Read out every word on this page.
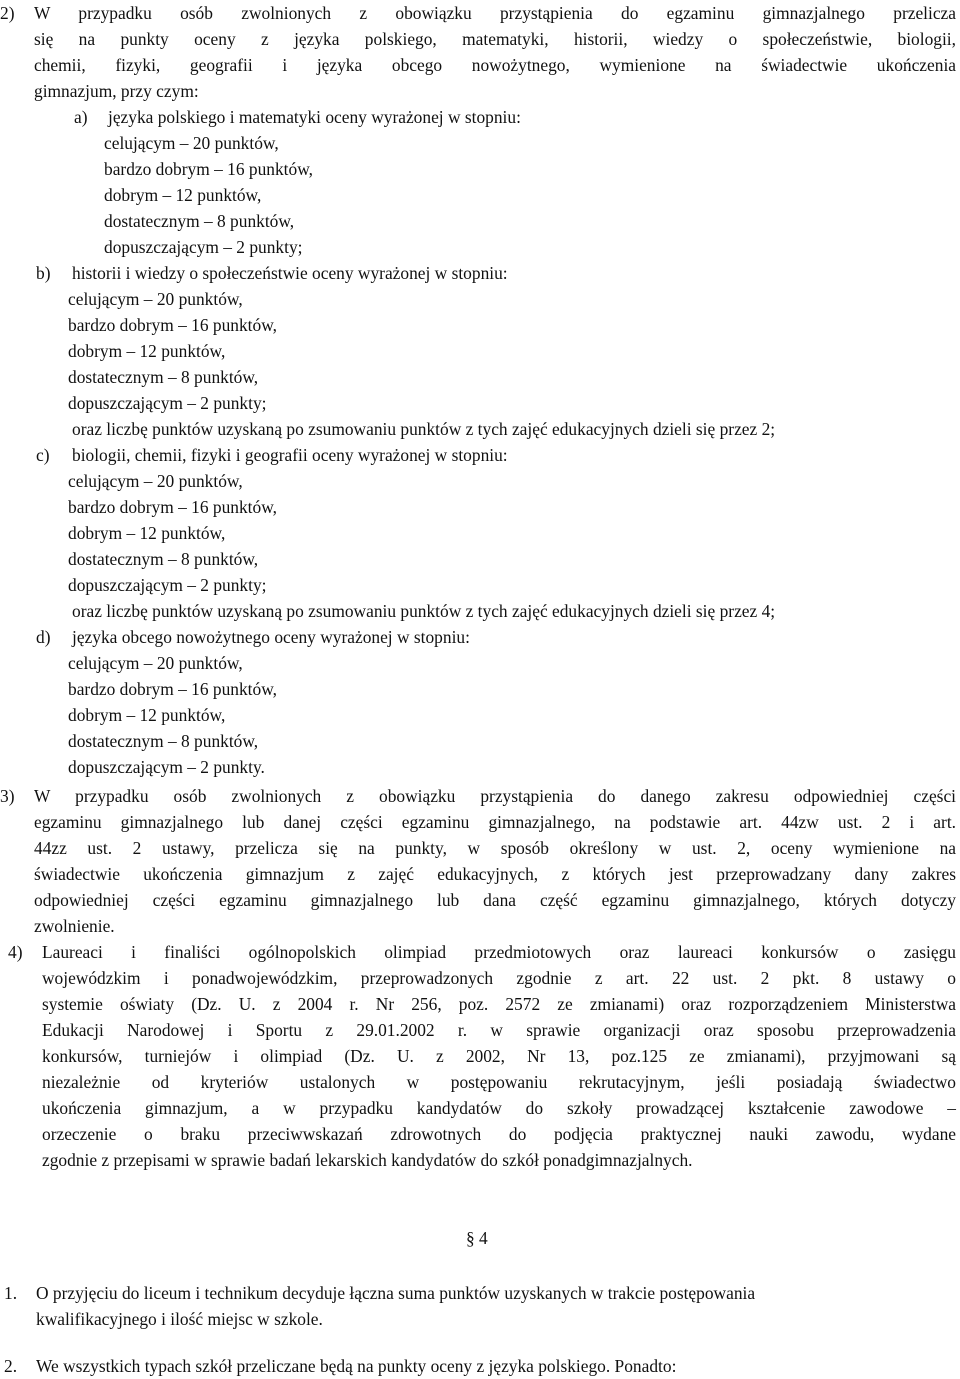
2) W przypadku osób zwolnionych z obowiązku przystąpienia do egzaminu gimnazjalnego przelicza
się na punkty oceny z języka polskiego, matematyki, historii, wiedzy o społeczeństwie, biologii,
chemii, fizyki, geografii i języka obcego nowożytnego, wymienione na świadectwie ukończenia
gimnazjum, przy czym:
a) języka polskiego i matematyki oceny wyrażonej w stopniu:
celującym – 20 punktów,
bardzo dobrym – 16 punktów,
dobrym – 12 punktów,
dostatecznym – 8 punktów,
dopuszczającym – 2 punkty;
b) historii i wiedzy o społeczeństwie oceny wyrażonej w stopniu:
celującym – 20 punktów,
bardzo dobrym – 16 punktów,
dobrym – 12 punktów,
dostatecznym – 8 punktów,
dopuszczającym – 2 punkty;
oraz liczbę punktów uzyskaną po zsumowaniu punktów z tych zajęć edukacyjnych dzieli się przez 2;
c) biologii, chemii, fizyki i geografii oceny wyrażonej w stopniu:
celującym – 20 punktów,
bardzo dobrym – 16 punktów,
dobrym – 12 punktów,
dostatecznym – 8 punktów,
dopuszczającym – 2 punkty;
oraz liczbę punktów uzyskaną po zsumowaniu punktów z tych zajęć edukacyjnych dzieli się przez 4;
d) języka obcego nowożytnego oceny wyrażonej w stopniu:
celującym – 20 punktów,
bardzo dobrym – 16 punktów,
dobrym – 12 punktów,
dostatecznym – 8 punktów,
dopuszczającym – 2 punkty.
3) W przypadku osób zwolnionych z obowiązku przystąpienia do danego zakresu odpowiedniej części
egzaminu gimnazjalnego lub danej części egzaminu gimnazjalnego, na podstawie art. 44zw ust. 2 i art.
44zz ust. 2 ustawy, przelicza się na punkty, w sposób określony w ust. 2, oceny wymienione na
świadectwie ukończenia gimnazjum z zajęć edukacyjnych, z których jest przeprowadzany dany zakres
odpowiedniej części egzaminu gimnazjalnego lub dana część egzaminu gimnazjalnego, których dotyczy
zwolnienie.
4) Laureaci i finaliści ogólnopolskich olimpiad przedmiotowych oraz laureaci konkursów o zasięgu
wojewódzkim i ponadwojewódzkim, przeprowadzonych zgodnie z art. 22 ust. 2 pkt. 8 ustawy o
systemie oświaty (Dz. U. z 2004 r. Nr 256, poz. 2572 ze zmianami) oraz rozporządzeniem Ministerstwa
Edukacji Narodowej i Sportu z 29.01.2002 r. w sprawie organizacji oraz sposobu przeprowadzenia
konkursów, turniejów i olimpiad (Dz. U. z 2002, Nr 13, poz.125 ze zmianami), przyjmowani są
niezależnie od kryteriów ustalonych w postępowaniu rekrutacyjnym, jeśli posiadają świadectwo
ukończenia gimnazjum, a w przypadku kandydatów do szkoły prowadzącej kształcenie zawodowe –
orzeczenie o braku przeciwwskazań zdrowotnych do podjęcia praktycznej nauki zawodu, wydane
zgodnie z przepisami w sprawie badań lekarskich kandydatów do szkół ponadgimnazjalnych.
§ 4
1. O przyjęciu do liceum i technikum decyduje łączna suma punktów uzyskanych w trakcie postępowania
kwalifikacyjnego i ilość miejsc w szkole.
2. We wszystkich typach szkół przeliczane będą na punkty oceny z języka polskiego. Ponadto:
